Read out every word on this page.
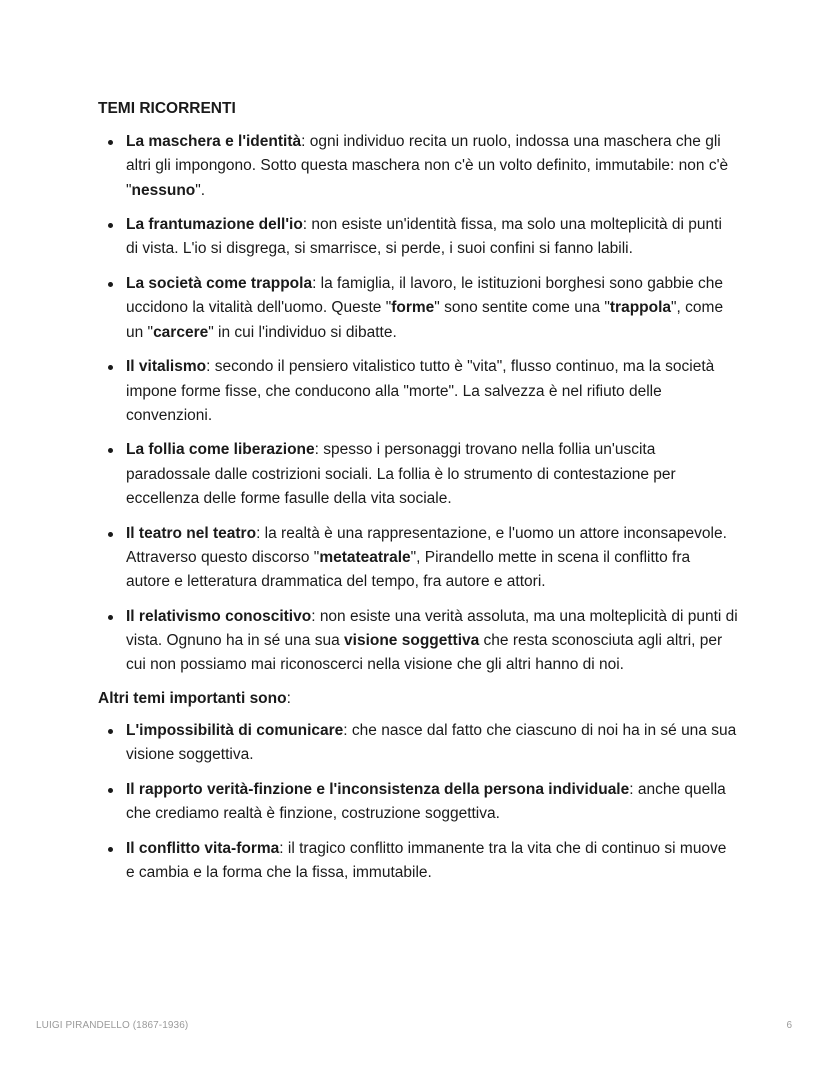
TEMI RICORRENTI
La maschera e l'identità: ogni individuo recita un ruolo, indossa una maschera che gli altri gli impongono. Sotto questa maschera non c'è un volto definito, immutabile: non c'è "nessuno".
La frantumazione dell'io: non esiste un'identità fissa, ma solo una molteplicità di punti di vista. L'io si disgrega, si smarrisce, si perde, i suoi confini si fanno labili.
La società come trappola: la famiglia, il lavoro, le istituzioni borghesi sono gabbie che uccidono la vitalità dell'uomo. Queste "forme" sono sentite come una "trappola", come un "carcere" in cui l'individuo si dibatte.
Il vitalismo: secondo il pensiero vitalistico tutto è "vita", flusso continuo, ma la società impone forme fisse, che conducono alla "morte". La salvezza è nel rifiuto delle convenzioni.
La follia come liberazione: spesso i personaggi trovano nella follia un'uscita paradossale dalle costrizioni sociali. La follia è lo strumento di contestazione per eccellenza delle forme fasulle della vita sociale.
Il teatro nel teatro: la realtà è una rappresentazione, e l'uomo un attore inconsapevole. Attraverso questo discorso "metateatrale", Pirandello mette in scena il conflitto fra autore e letteratura drammatica del tempo, fra autore e attori.
Il relativismo conoscitivo: non esiste una verità assoluta, ma una molteplicità di punti di vista. Ognuno ha in sé una sua visione soggettiva che resta sconosciuta agli altri, per cui non possiamo mai riconoscerci nella visione che gli altri hanno di noi.

Altri temi importanti sono:

L'impossibilità di comunicare: che nasce dal fatto che ciascuno di noi ha in sé una sua visione soggettiva.
Il rapporto verità-finzione e l'inconsistenza della persona individuale: anche quella che crediamo realtà è finzione, costruzione soggettiva.
Il conflitto vita-forma: il tragico conflitto immanente tra la vita che di continuo si muove e cambia e la forma che la fissa, immutabile.
LUIGI PIRANDELLO (1867-1936)	6
